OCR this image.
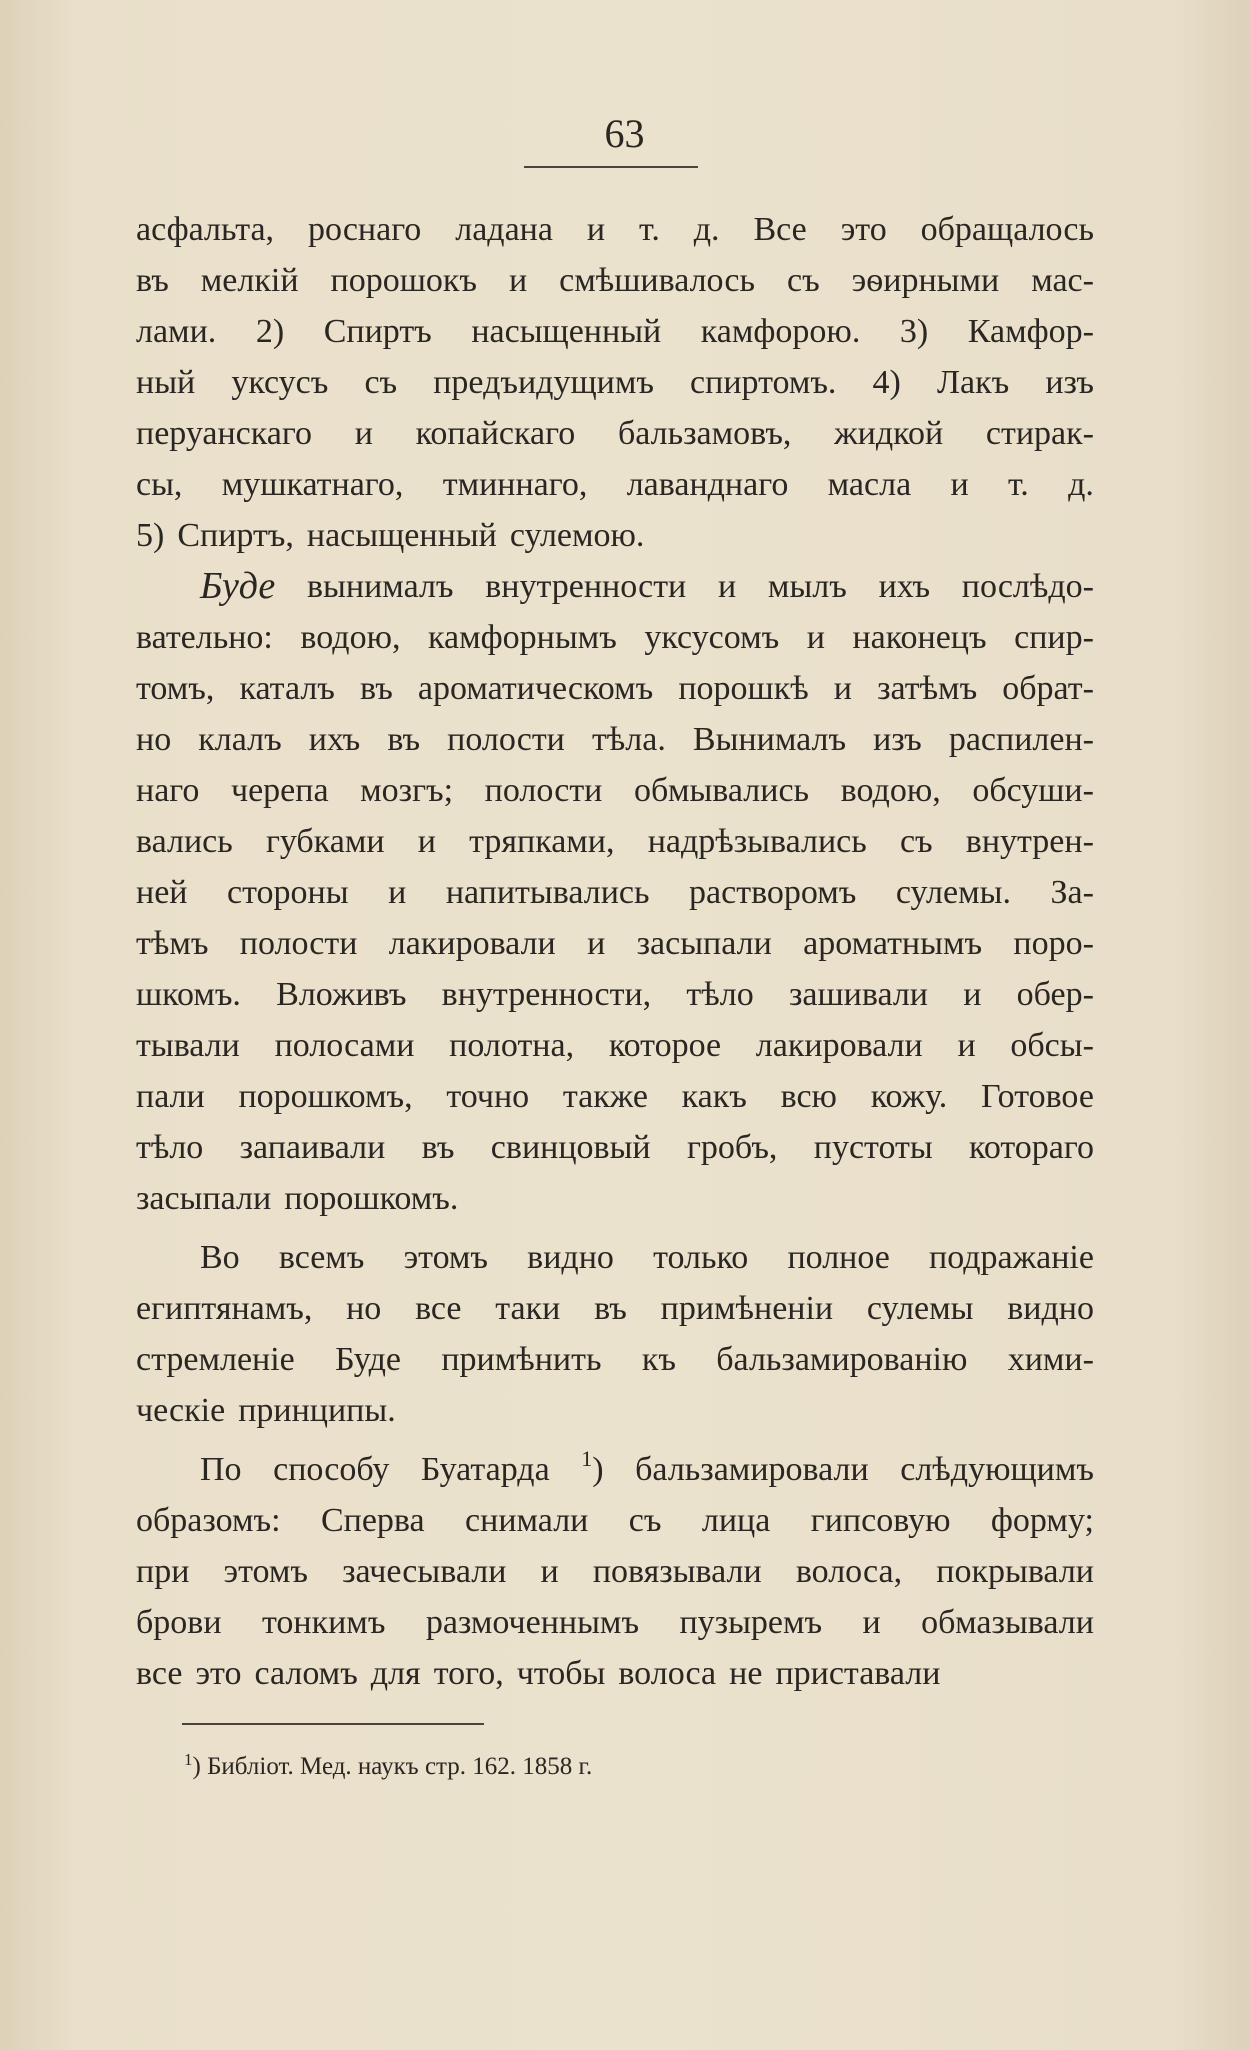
63
асфальта, роснаго ладана и т. д. Все это обращалось
въ мелкiй порошокъ и смѣшивалось съ эѳирными мас-
лами. 2) Спиртъ насыщенный камфорою. 3) Камфор-
ный уксусъ съ предъидущимъ спиртомъ. 4) Лакъ изъ
перуанскаго и копайскаго бальзамовъ, жидкой стирак-
сы, мушкатнаго, тминнаго, лаванднаго масла и т. д.
5) Спиртъ, насыщенный сулемою.
Буде вынималъ внутренности и мылъ ихъ послѣдо-
вательно: водою, камфорнымъ уксусомъ и наконецъ спир-
томъ, каталъ въ ароматическомъ порошкѣ и затѣмъ обрат-
но клалъ ихъ въ полости тѣла. Вынималъ изъ распилен-
наго черепа мозгъ; полости обмывались водою, обсуши-
вались губками и тряпками, надрѣзывались съ внутрен-
ней стороны и напитывались растворомъ сулемы. За-
тѣмъ полости лакировали и засыпали ароматнымъ поро-
шкомъ. Вложивъ внутренности, тѣло зашивали и обер-
тывали полосами полотна, которое лакировали и обсы-
пали порошкомъ, точно также какъ всю кожу. Готовое
тѣло запаивали въ свинцовый гробъ, пустоты котораго
засыпали порошкомъ.
Во всемъ этомъ видно только полное подражанiе
египтянамъ, но все таки въ примѣненiи сулемы видно
стремленiе Буде примѣнить къ бальзамированiю хими-
ческiе принципы.
По способу Буатарда $^1$) бальзамировали слѣдующимъ
образомъ: Сперва снимали съ лица гипсовую форму;
при этомъ зачесывали и повязывали волоса, покрывали
брови тонкимъ размоченнымъ пузыремъ и обмазывали
все это саломъ для того, чтобы волоса не приставали
$^1$) Библiот. Мед. наукъ стр. 162. 1858 г.
